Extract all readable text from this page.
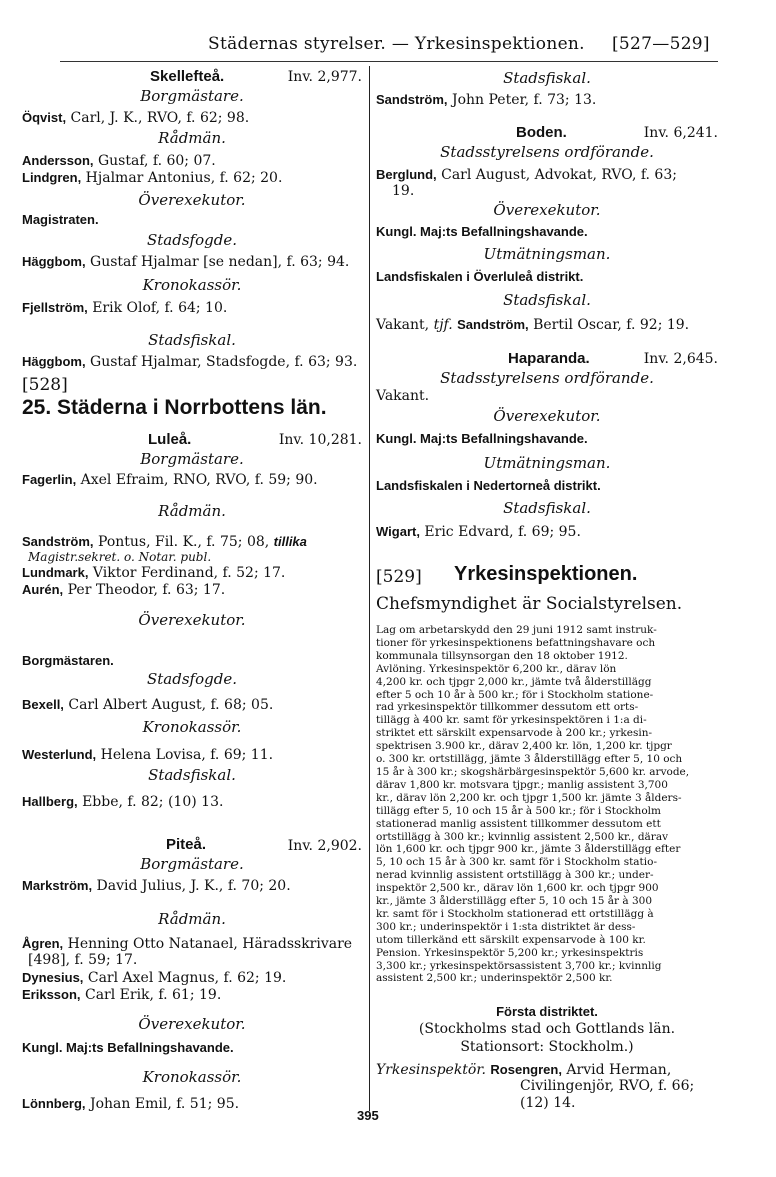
Städernas styrelser. — Yrkesinspektionen. [527—529]
Skellefteå.	Inv. 2,977.
Borgmästare.
Öqvist, Carl, J. K., RVO, f. 62; 98.
Rådmän.
Andersson, Gustaf, f. 60; 07.
Lindgren, Hjalmar Antonius, f. 62; 20.
Överexekutor.
Magistraten.
Stadsfogde.
Häggbom, Gustaf Hjalmar [se nedan], f. 63; 94.
Kronokassör.
Fjellström, Erik Olof, f. 64; 10.
Stadsfiskal.
Häggbom, Gustaf Hjalmar, Stadsfogde, f. 63; 93.
[528]
25. Städerna i Norrbottens län.
Luleå.	Inv. 10,281.
Borgmästare.
Fagerlin, Axel Efraim, RNO, RVO, f. 59; 90.
Rådmän.
Sandström, Pontus, Fil. K., f. 75; 08, tillika
Magistr.sekret. o. Notar. publ.
Lundmark, Viktor Ferdinand, f. 52; 17.
Aurén, Per Theodor, f. 63; 17.
Överexekutor.
Borgmästaren.
Stadsfogde.
Bexell, Carl Albert August, f. 68; 05.
Kronokassör.
Westerlund, Helena Lovisa, f. 69; 11.
Stadsfiskal.
Hallberg, Ebbe, f. 82; (10) 13.
Piteå.	Inv. 2,902.
Borgmästare.
Markström, David Julius, J. K., f. 70; 20.
Rådmän.
Ågren, Henning Otto Natanael, Häradsskrivare
[498], f. 59; 17.
Dynesius, Carl Axel Magnus, f. 62; 19.
Eriksson, Carl Erik, f. 61; 19.
Överexekutor.
Kungl. Maj:ts Befallningshavande.
Kronokassör.
Lönnberg, Johan Emil, f. 51; 95.
Stadsfiskal.
Sandström, John Peter, f. 73; 13.
Boden.	Inv. 6,241.
Stadsstyrelsens ordförande.
Berglund, Carl August, Advokat, RVO, f. 63;
19.
Överexekutor.
Kungl. Maj:ts Befallningshavande.
Utmätningsman.
Landsfiskalen i Överluleå distrikt.
Stadsfiskal.
Vakant, tjf. Sandström, Bertil Oscar, f. 92; 19.
Haparanda.	Inv. 2,645.
Stadsstyrelsens ordförande.
Vakant.
Överexekutor.
Kungl. Maj:ts Befallningshavande.
Utmätningsman.
Landsfiskalen i Nedertorneå distrikt.
Stadsfiskal.
Wigart, Eric Edvard, f. 69; 95.
[529] Yrkesinspektionen.
Chefsmyndighet är Socialstyrelsen.
Lag om arbetarskydd den 29 juni 1912 samt instruk-
tioner för yrkesinspektionens befattningshavare och
kommunala tillsynsorgan den 18 oktober 1912.
Avlöning. Yrkesinspektör 6,200 kr., därav lön
4,200 kr. och tjpgr 2,000 kr., jämte två ålderstillägg
efter 5 och 10 år à 500 kr.; för i Stockholm statione-
rad yrkesinspektör tillkommer dessutom ett orts-
tillägg à 400 kr. samt för yrkesinspektören i 1:a di-
striktet ett särskilt expensarvode à 200 kr.; yrkesin-
spektrisen 3.900 kr., därav 2,400 kr. lön, 1,200 kr. tjpgr
o. 300 kr. ortstillägg, jämte 3 ålderstillägg efter 5, 10 och
15 år à 300 kr.; skogshärbärgesinspektör 5,600 kr. arvode,
därav 1,800 kr. motsvara tjpgr.; manlig assistent 3,700
kr., därav lön 2,200 kr. och tjpgr 1,500 kr. jämte 3 ålders-
tillägg efter 5, 10 och 15 år à 500 kr.; för i Stockholm
stationerad manlig assistent tillkommer dessutom ett
ortstillägg à 300 kr.; kvinnlig assistent 2,500 kr., därav
lön 1,600 kr. och tjpgr 900 kr., jämte 3 ålderstillägg efter
5, 10 och 15 år à 300 kr. samt för i Stockholm statio-
nerad kvinnlig assistent ortstillägg à 300 kr.; under-
inspektör 2,500 kr., därav lön 1,600 kr. och tjpgr 900
kr., jämte 3 ålderstillägg efter 5, 10 och 15 år à 300
kr. samt för i Stockholm stationerad ett ortstillägg à
300 kr.; underinspektör i 1:sta distriktet är dess-
utom tillerkänd ett särskilt expensarvode à 100 kr.
Pension. Yrkesinspektör 5,200 kr.; yrkesinspektris
3,300 kr.; yrkesinspektörsassistent 3,700 kr.; kvinnlig
assistent 2,500 kr.; underinspektör 2,500 kr.
Första distriktet.
(Stockholms stad och Gottlands län.
Stationsort: Stockholm.)
Yrkesinspektör. Rosengren, Arvid Herman,
Civilingenjör, RVO, f. 66;
(12) 14.
395
